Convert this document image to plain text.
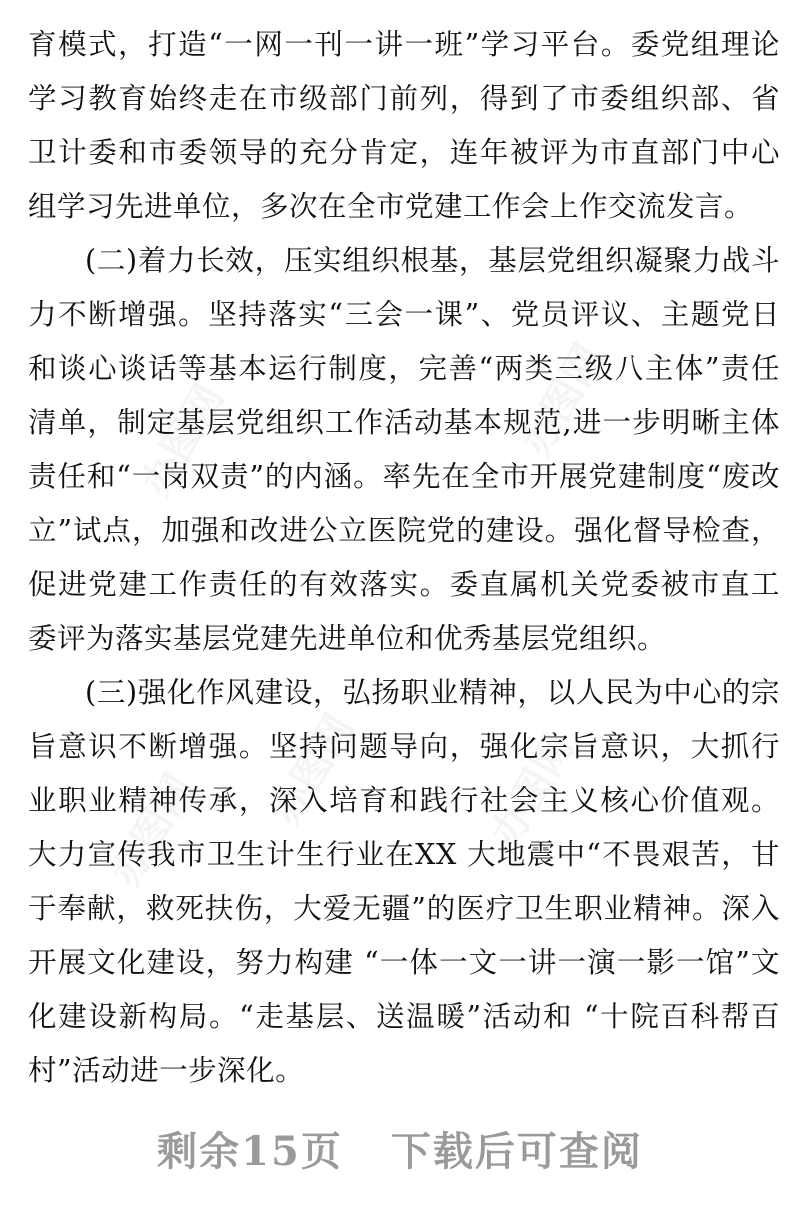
办图网
办图网
办图网
办图网
办图网

育模式，打造“一网一刊一讲一班”学习平台。委党组理论学习教育始终走在市级部门前列，得到了市委组织部、省卫计委和市委领导的充分肯定，连年被评为市直部门中心组学习先进单位，多次在全市党建工作会上作交流发言。

(二)着力长效，压实组织根基，基层党组织凝聚力战斗力不断增强。坚持落实“三会一课”、党员评议、主题党日和谈心谈话等基本运行制度，完善“两类三级八主体”责任清单，制定基层党组织工作活动基本规范,进一步明晰主体责任和“一岗双责”的内涵。率先在全市开展党建制度“废改立”试点，加强和改进公立医院党的建设。强化督导检查，促进党建工作责任的有效落实。委直属机关党委被市直工委评为落实基层党建先进单位和优秀基层党组织。

(三)强化作风建设，弘扬职业精神，以人民为中心的宗旨意识不断增强。坚持问题导向，强化宗旨意识，大抓行业职业精神传承，深入培育和践行社会主义核心价值观。大力宣传我市卫生计生行业在XX 大地震中“不畏艰苦，甘于奉献，救死扶伤，大爱无疆”的医疗卫生职业精神。深入开展文化建设，努力构建 “一体一文一讲一演一影一馆”文化建设新构局。“走基层、送温暖”活动和 “十院百科帮百村”活动进一步深化。

剩余15页 下载后可查阅
